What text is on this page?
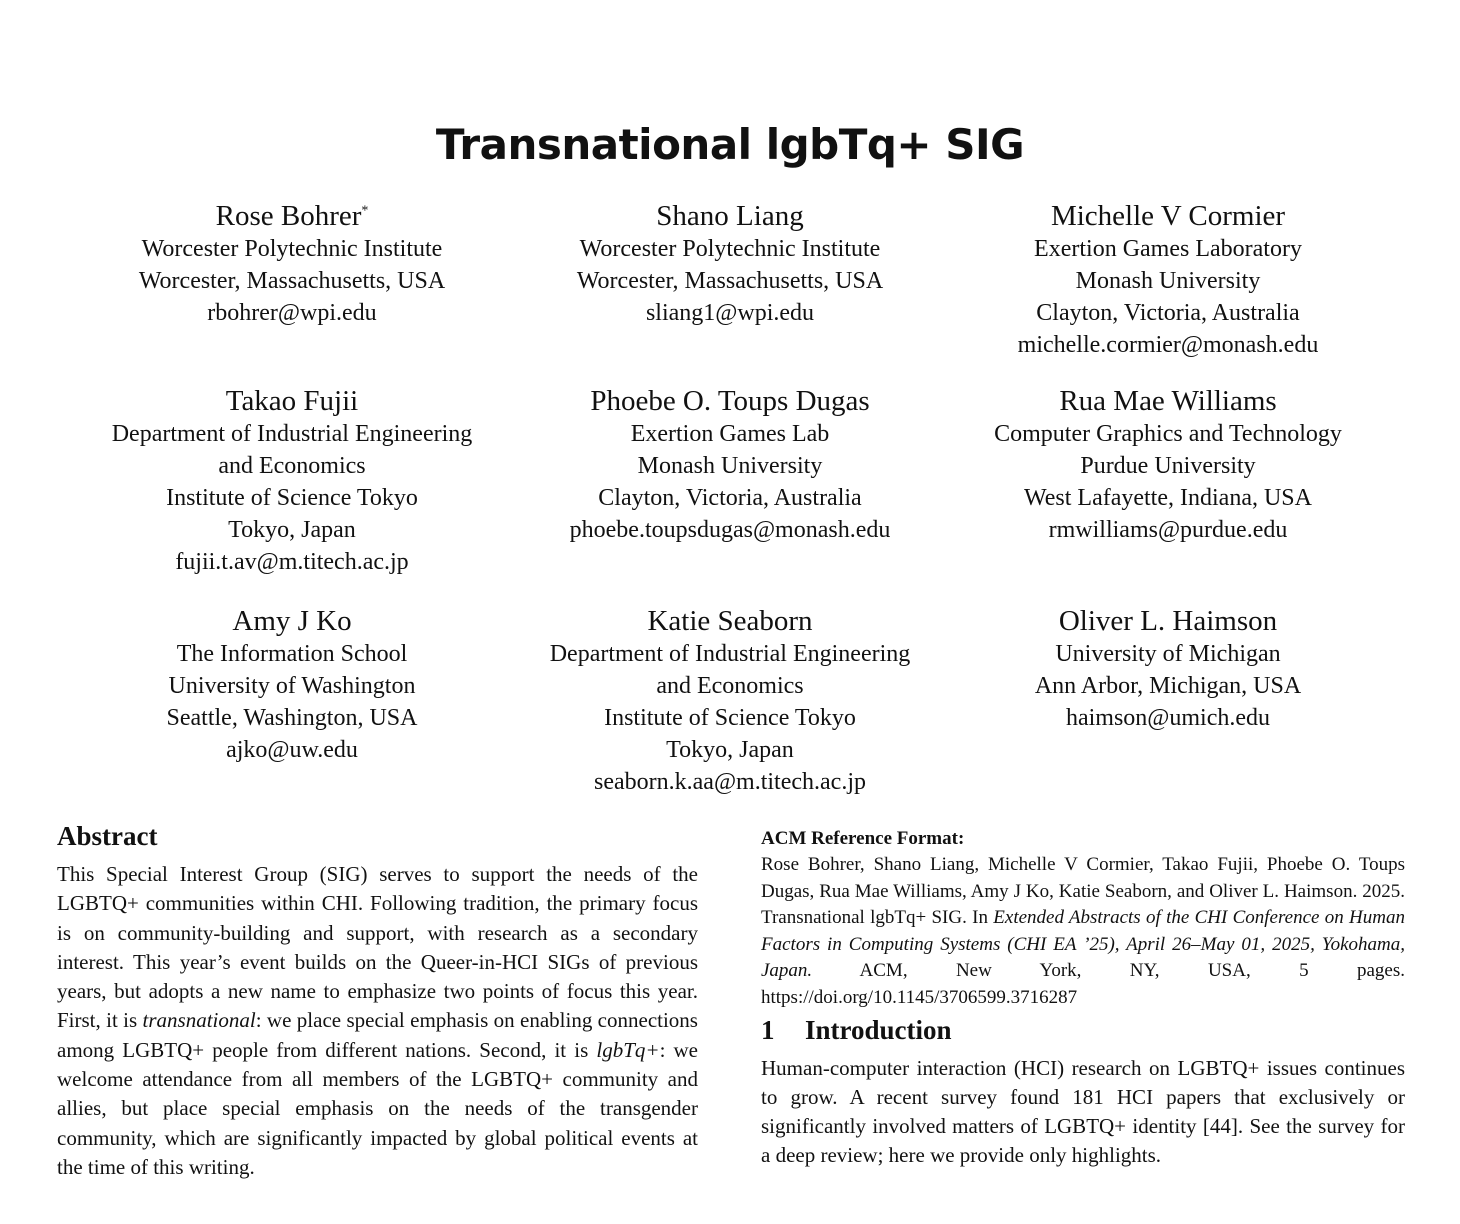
Transnational lgbTq+ SIG
Rose Bohrer*
Worcester Polytechnic Institute
Worcester, Massachusetts, USA
rbohrer@wpi.edu
Shano Liang
Worcester Polytechnic Institute
Worcester, Massachusetts, USA
sliang1@wpi.edu
Michelle V Cormier
Exertion Games Laboratory
Monash University
Clayton, Victoria, Australia
michelle.cormier@monash.edu
Takao Fujii
Department of Industrial Engineering
and Economics
Institute of Science Tokyo
Tokyo, Japan
fujii.t.av@m.titech.ac.jp
Phoebe O. Toups Dugas
Exertion Games Lab
Monash University
Clayton, Victoria, Australia
phoebe.toupsdugas@monash.edu
Rua Mae Williams
Computer Graphics and Technology
Purdue University
West Lafayette, Indiana, USA
rmwilliams@purdue.edu
Amy J Ko
The Information School
University of Washington
Seattle, Washington, USA
ajko@uw.edu
Katie Seaborn
Department of Industrial Engineering
and Economics
Institute of Science Tokyo
Tokyo, Japan
seaborn.k.aa@m.titech.ac.jp
Oliver L. Haimson
University of Michigan
Ann Arbor, Michigan, USA
haimson@umich.edu
Abstract

This Special Interest Group (SIG) serves to support the needs of the LGBTQ+ communities within CHI. Following tradition, the primary focus is on community-building and support, with research as a secondary interest. This year’s event builds on the Queer-in-HCI SIGs of previous years, but adopts a new name to emphasize two points of focus this year. First, it is transnational: we place special emphasis on enabling connections among LGBTQ+ people from different nations. Second, it is lgbTq+: we welcome attendance from all members of the LGBTQ+ community and allies, but place special emphasis on the needs of the transgender community, which are significantly impacted by global political events at the time of this writing.

ACM Reference Format:

Rose Bohrer, Shano Liang, Michelle V Cormier, Takao Fujii, Phoebe O. Toups Dugas, Rua Mae Williams, Amy J Ko, Katie Seaborn, and Oliver L. Haimson. 2025. Transnational lgbTq+ SIG. In Extended Abstracts of the CHI Conference on Human Factors in Computing Systems (CHI EA ’25), April 26–May 01, 2025, Yokohama, Japan. ACM, New York, NY, USA, 5 pages. https://doi.org/10.1145/3706599.3716287

1 Introduction

Human-computer interaction (HCI) research on LGBTQ+ issues continues to grow. A recent survey found 181 HCI papers that exclusively or significantly involved matters of LGBTQ+ identity [44]. See the survey for a deep review; here we provide only highlights.
